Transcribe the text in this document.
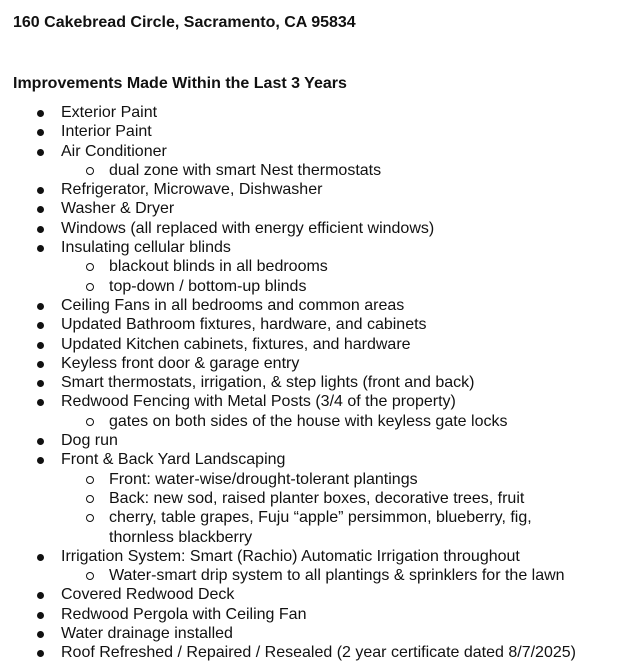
160 Cakebread Circle, Sacramento, CA 95834
Improvements Made Within the Last 3 Years
Exterior Paint
Interior Paint
Air Conditioner
dual zone with smart Nest thermostats
Refrigerator, Microwave, Dishwasher
Washer & Dryer
Windows (all replaced with energy efficient windows)
Insulating cellular blinds
blackout blinds in all bedrooms
top-down / bottom-up blinds
Ceiling Fans in all bedrooms and common areas
Updated Bathroom fixtures, hardware, and cabinets
Updated Kitchen cabinets, fixtures, and hardware
Keyless front door & garage entry
Smart thermostats, irrigation, & step lights (front and back)
Redwood Fencing with Metal Posts (3/4 of the property)
gates on both sides of the house with keyless gate locks
Dog run
Front & Back Yard Landscaping
Front: water-wise/drought-tolerant plantings
Back: new sod, raised planter boxes, decorative trees, fruit
cherry, table grapes, Fuju “apple” persimmon, blueberry, fig, thornless blackberry
Irrigation System: Smart (Rachio) Automatic Irrigation throughout
Water-smart drip system to all plantings & sprinklers for the lawn
Covered Redwood Deck
Redwood Pergola with Ceiling Fan
Water drainage installed
Roof Refreshed / Repaired / Resealed (2 year certificate dated 8/7/2025)
